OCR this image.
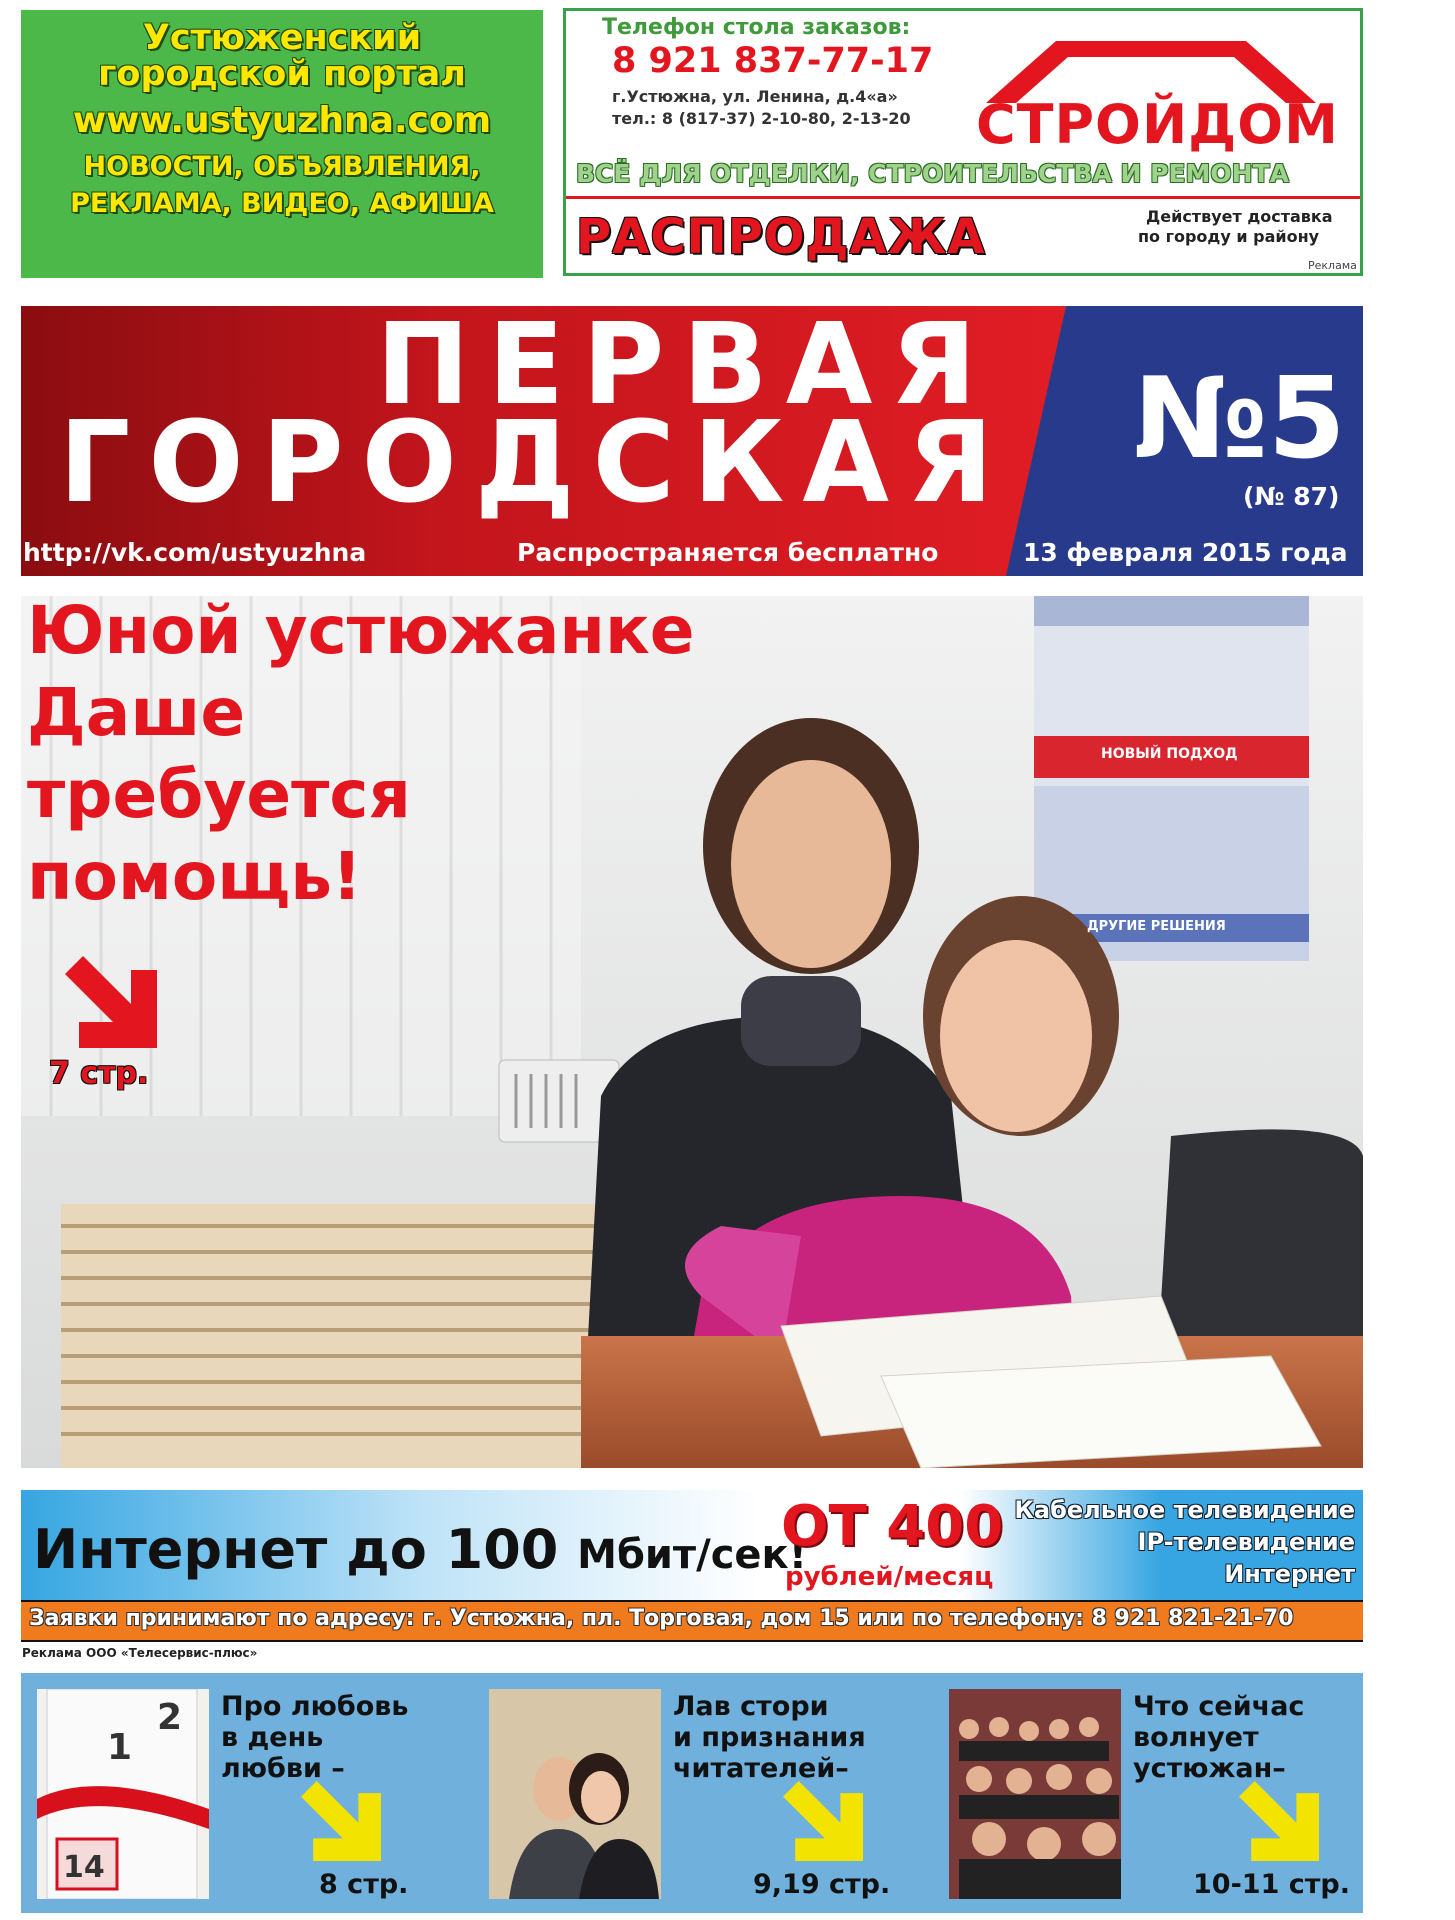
Устюженский
городской портал
www.ustyuzhna.com
НОВОСТИ, ОБЪЯВЛЕНИЯ,
РЕКЛАМА, ВИДЕО, АФИША
Телефон стола заказов:
8 921 837-77-17
г.Устюжна, ул. Ленина, д.4«а»
тел.: 8 (817-37) 2-10-80, 2-13-20 СТРОЙДОМ
ВСЁ ДЛЯ ОТДЕЛКИ, СТРОИТЕЛЬСТВА И РЕМОНТА
РАСПРОДАЖА	Действует доставка
по городу и району
Реклама
ПЕРВАЯ
ГОРОДСКАЯ
http://vk.com/ustyuzhna	Распространяется бесплатно
№5
(№ 87)
13 февраля 2015 года
НОВЫЙ ПОДХОД
ДРУГИЕ РЕШЕНИЯ
Юной устюжанке
Даше
требуется
помощь!
7 стр.
Интернет до 100 Мбит/сек!
ОТ 400
рублей/месяц
Кабельное телевидение
IP-телевидение
Интернет
Заявки принимают по адресу: г. Устюжна, пл. Торговая, дом 15 или по телефону: 8 921 821-21-70
Реклама ООО «Телесервис-плюс»
2
1
14
Про любовь
в день
любви –
8 стр.
Лав стори
и признания
читателей–
9,19 стр.
Что сейчас
волнует
устюжан–
10-11 стр.
